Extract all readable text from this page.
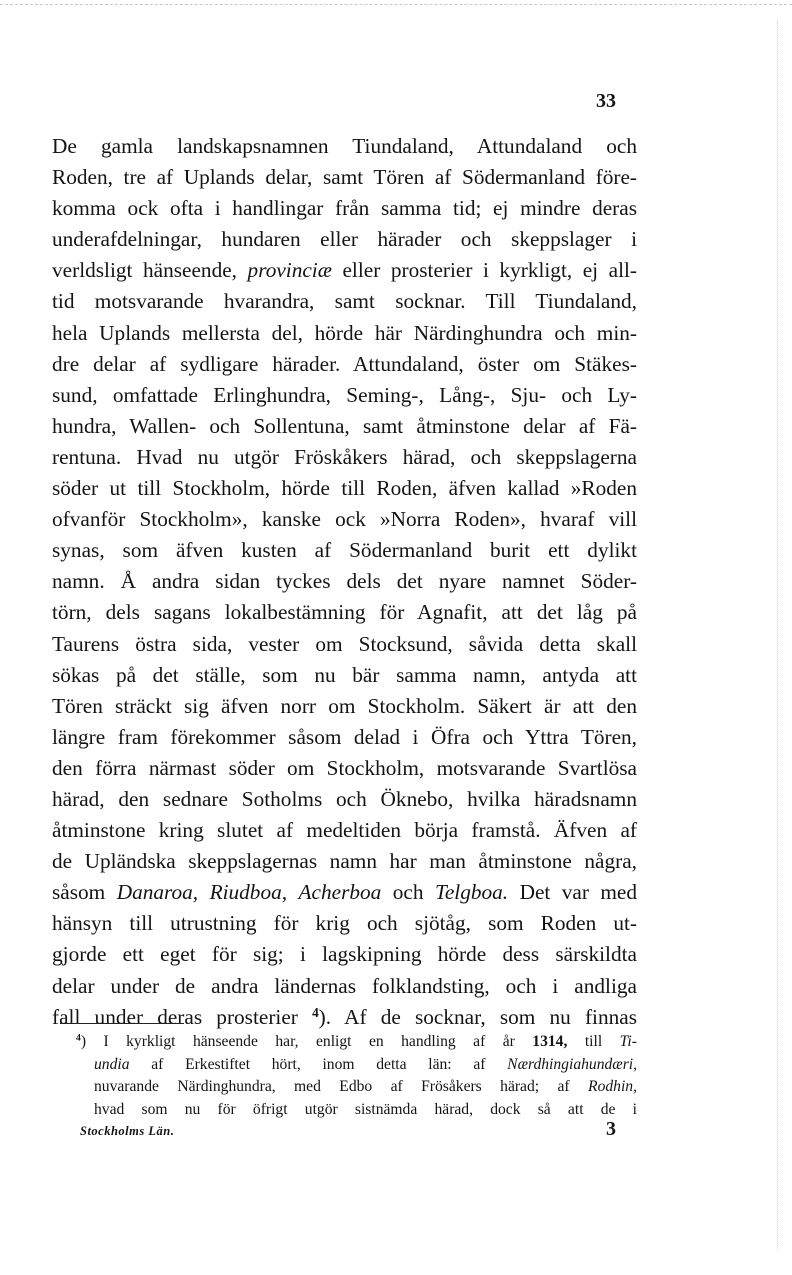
33
De gamla landskapsnamnen Tiundaland, Attundaland och
Roden, tre af Uplands delar, samt Tören af Södermanland före-
komma ock ofta i handlingar från samma tid; ej mindre deras
underafdelningar, hundaren eller härader och skeppslager i
verldsligt hänseende, provinciæ eller prosterier i kyrkligt, ej all-
tid motsvarande hvarandra, samt socknar. Till Tiundaland,
hela Uplands mellersta del, hörde här Närdinghundra och min-
dre delar af sydligare härader. Attundaland, öster om Stäkes-
sund, omfattade Erlinghundra, Seming-, Lång-, Sju- och Ly-
hundra, Wallen- och Sollentuna, samt åtminstone delar af Fä-
rentuna. Hvad nu utgör Fröskåkers härad, och skeppslagerna
söder ut till Stockholm, hörde till Roden, äfven kallad »Roden
ofvanför Stockholm», kanske ock »Norra Roden», hvaraf vill
synas, som äfven kusten af Södermanland burit ett dylikt
namn. Å andra sidan tyckes dels det nyare namnet Söder-
törn, dels sagans lokalbestämning för Agnafit, att det låg på
Taurens östra sida, vester om Stocksund, såvida detta skall
sökas på det ställe, som nu bär samma namn, antyda att
Tören sträckt sig äfven norr om Stockholm. Säkert är att den
längre fram förekommer såsom delad i Öfra och Yttra Tören,
den förra närmast söder om Stockholm, motsvarande Svartlösa
härad, den sednare Sotholms och Öknebo, hvilka häradsnamn
åtminstone kring slutet af medeltiden börja framstå. Äfven af
de Upländska skeppslagernas namn har man åtminstone några,
såsom Danaroa, Riudboa, Acherboa och Telgboa. Det var med
hänsyn till utrustning för krig och sjötåg, som Roden ut-
gjorde ett eget för sig; i lagskipning hörde dess särskildta
delar under de andra ländernas folklandsting, och i andliga
fall under deras prosterier $^4$). Af de socknar, som nu finnas
$^4$) I kyrkligt hänseende har, enligt en handling af år 1314, till Ti-
undia af Erkestiftet hört, inom detta län: af Nærdhingiahundæri,
nuvarande Närdinghundra, med Edbo af Frösåkers härad; af Rodhin,
hvad som nu för öfrigt utgör sistnämda härad, dock så att de i
Stockholms Län.	3
